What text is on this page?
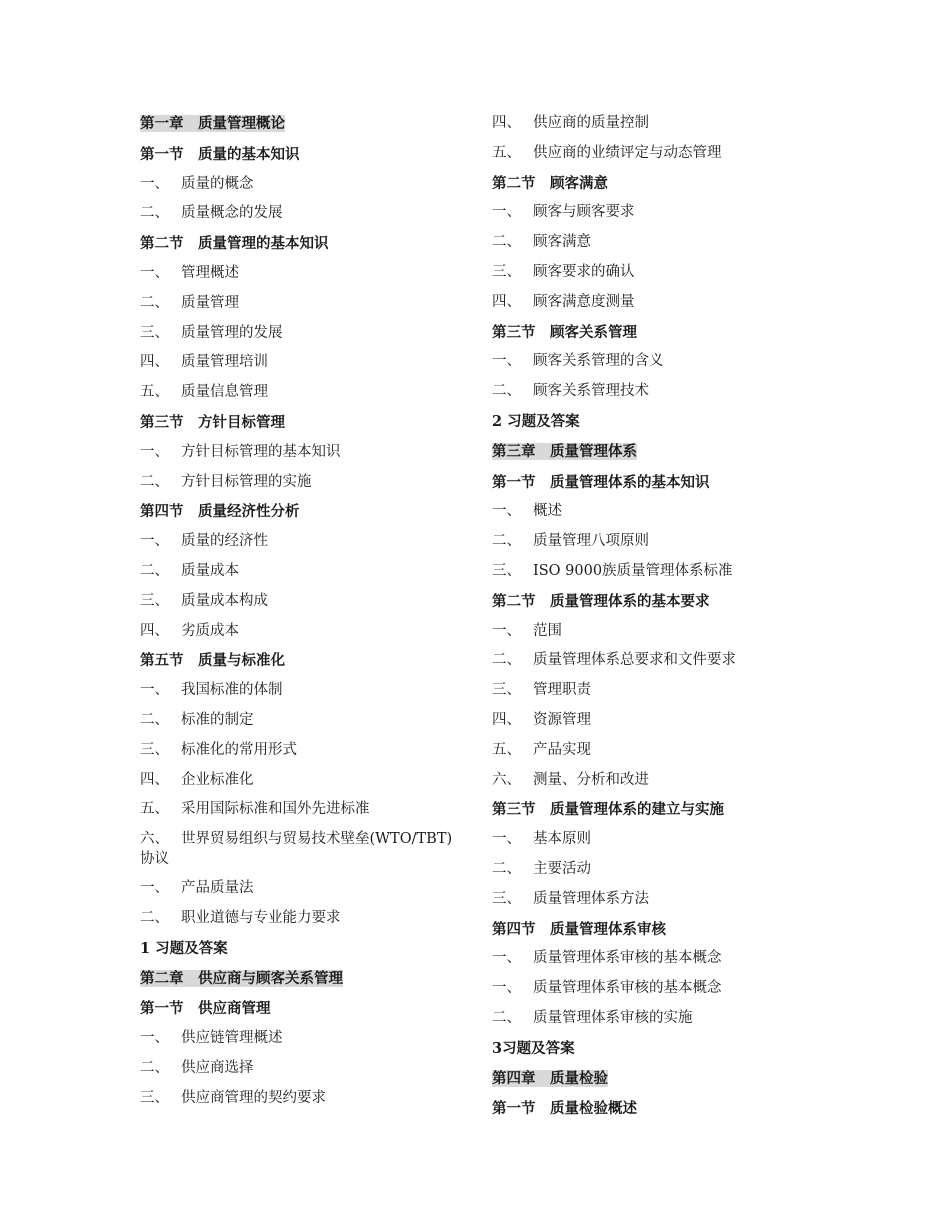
第一章　 质量管理概论
第一节　 质量的基本知识
一、 质量的概念
二、 质量概念的发展
第二节　 质量管理的基本知识
一、 管理概述
二、 质量管理
三、 质量管理的发展
四、 质量管理培训
五、 质量信息管理
第三节　 方针目标管理
一、 方针目标管理的基本知识
二、 方针目标管理的实施
第四节　 质量经济性分析
一、 质量的经济性
二、 质量成本
三、 质量成本构成
四、 劣质成本
第五节　 质量与标准化
一、 我国标准的体制
二、 标准的制定
三、 标准化的常用形式
四、 企业标准化
五、 采用国际标准和国外先进标准
六、 世界贸易组织与贸易技术壁垒(WTO/TBT)协议
一、 产品质量法
二、 职业道德与专业能力要求
1 习题及答案
第二章　 供应商与顾客关系管理
第一节　 供应商管理
一、 供应链管理概述
二、 供应商选择
三、 供应商管理的契约要求
四、 供应商的质量控制
五、 供应商的业绩评定与动态管理
第二节　 顾客满意
一、 顾客与顾客要求
二、 顾客满意
三、 顾客要求的确认
四、 顾客满意度测量
第三节　 顾客关系管理
一、 顾客关系管理的含义
二、 顾客关系管理技术
2 习题及答案
第三章　 质量管理体系
第一节　 质量管理体系的基本知识
一、 概述
二、 质量管理八项原则
三、 ISO 9000族质量管理体系标准
第二节　 质量管理体系的基本要求
一、 范围
二、 质量管理体系总要求和文件要求
三、 管理职责
四、 资源管理
五、 产品实现
六、 测量、分析和改进
第三节　 质量管理体系的建立与实施
一、 基本原则
二、 主要活动
三、 质量管理体系方法
第四节　 质量管理体系审核
一、 质量管理体系审核的基本概念
一、 质量管理体系审核的基本概念
二、 质量管理体系审核的实施
3习题及答案
第四章　 质量检验
第一节　 质量检验概述
